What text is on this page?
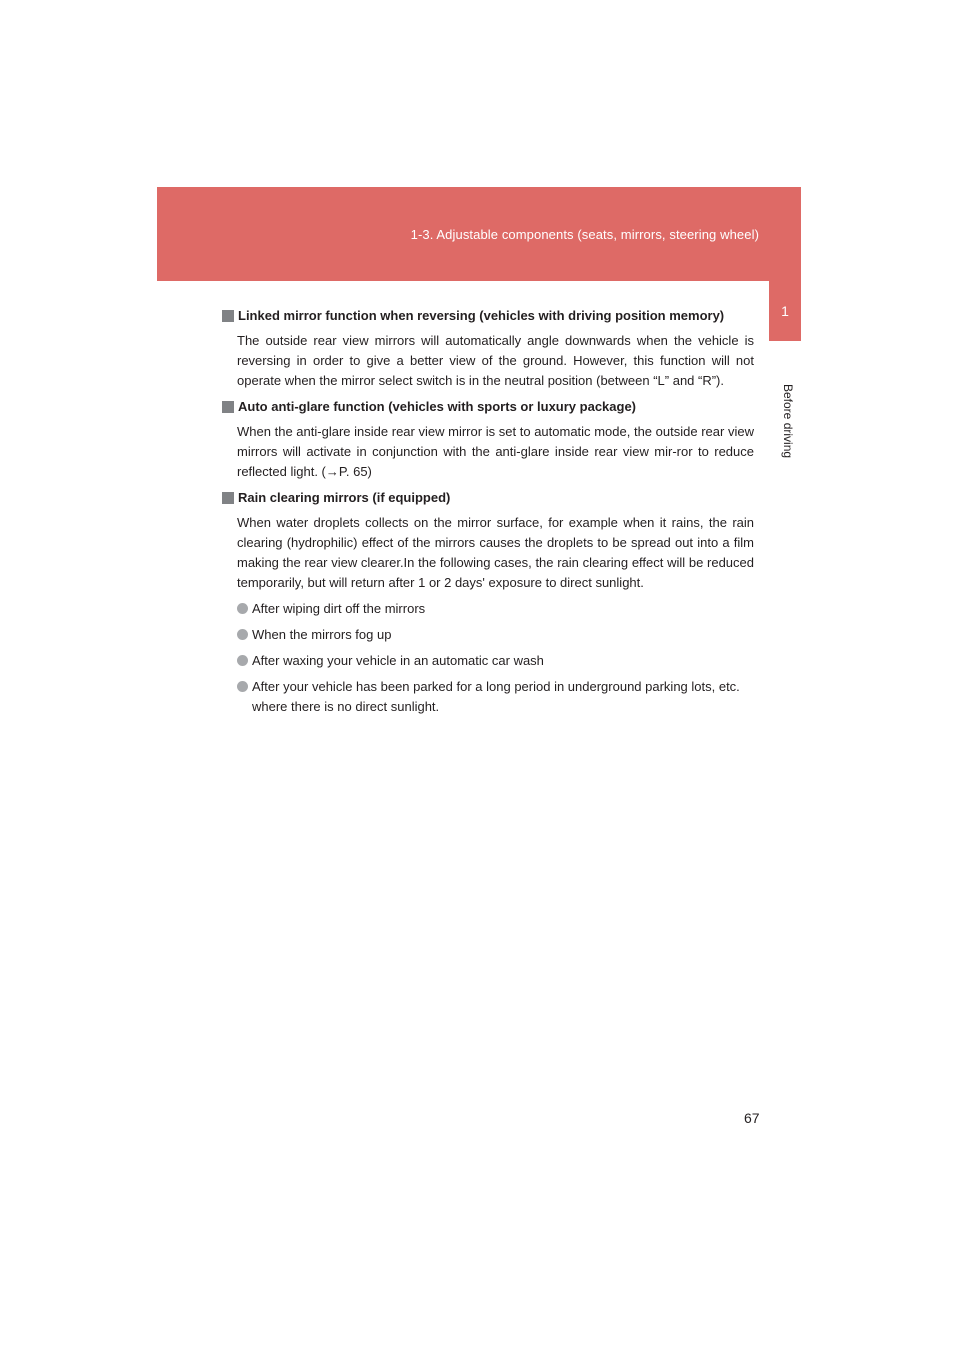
1-3. Adjustable components (seats, mirrors, steering wheel)
1
Before driving
Linked mirror function when reversing (vehicles with driving position memory)

The outside rear view mirrors will automatically angle downwards when the vehicle is reversing in order to give a better view of the ground. However, this function will not operate when the mirror select switch is in the neutral position (between “L” and “R”).

Auto anti-glare function (vehicles with sports or luxury package)

When the anti-glare inside rear view mirror is set to automatic mode, the outside rear view mirrors will activate in conjunction with the anti-glare inside rear view mir-ror to reduce reflected light. (→P. 65)

Rain clearing mirrors (if equipped)

When water droplets collects on the mirror surface, for example when it rains, the rain clearing (hydrophilic) effect of the mirrors causes the droplets to be spread out into a film making the rear view clearer.In the following cases, the rain clearing effect will be reduced temporarily, but will return after 1 or 2 days' exposure to direct sunlight.

After wiping dirt off the mirrors
When the mirrors fog up
After waxing your vehicle in an automatic car wash
After your vehicle has been parked for a long period in underground parking lots, etc. where there is no direct sunlight.
67
